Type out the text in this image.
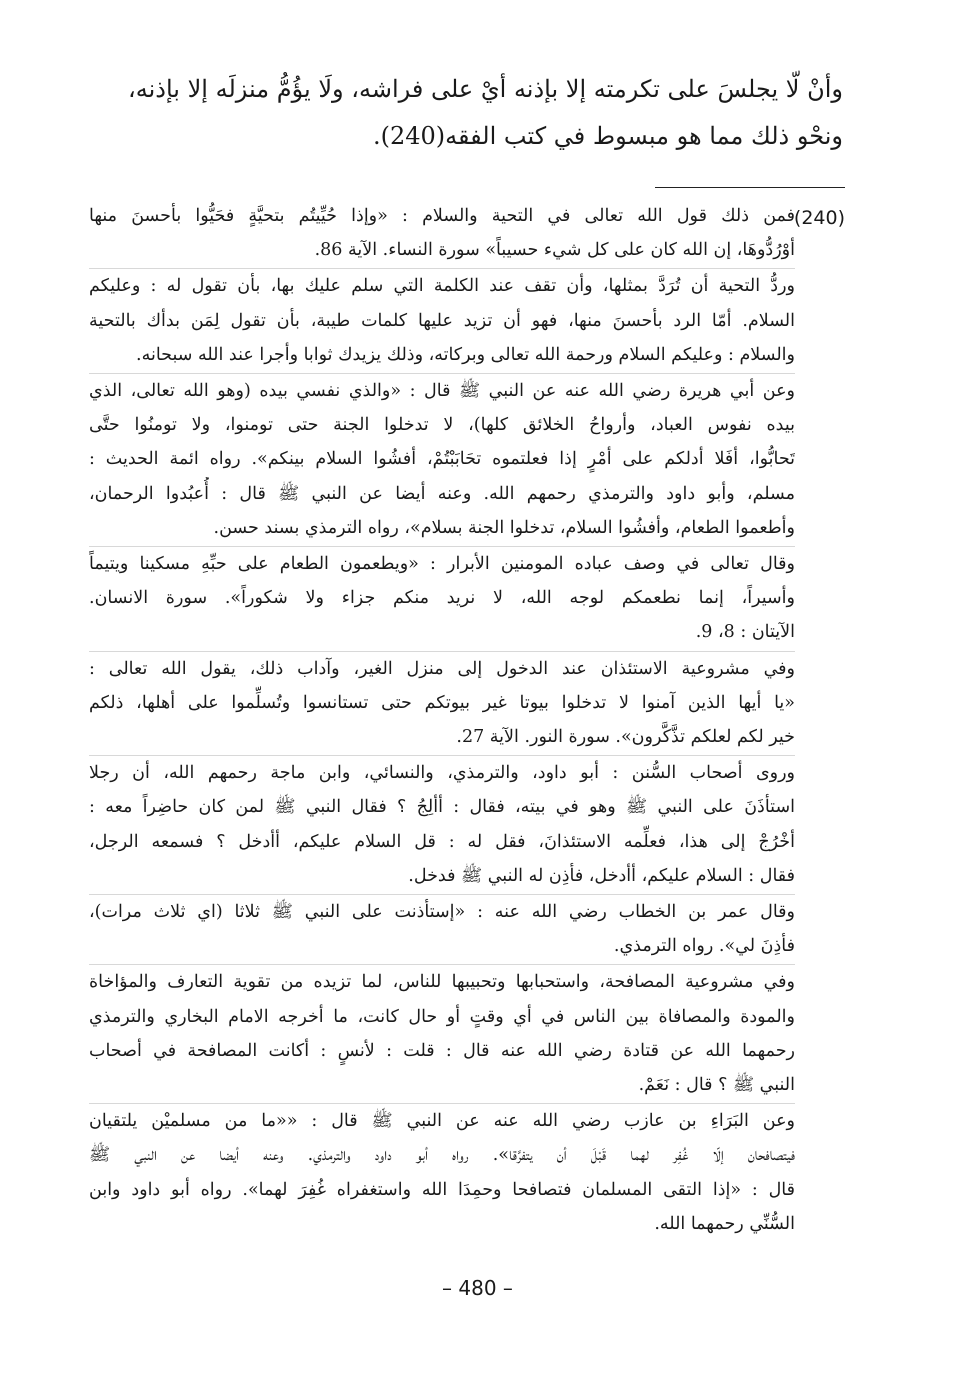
وأنْ لّا يجلسَ على تكرمته إلا بإذنه أيْ على فراشه، ولَا يؤُمُّ منزلَه إلا بإذنه،
ونحْو ذلك مما هو مبسوط في كتب الفقه(240).
(240)
فمن ذلك قول الله تعالى في التحية والسلام : «وإذا حُيِّيتُم بتحيَّةٍ فحَيُّوا بأحسنَ منها
أوْرُدُّوهَا، إن الله كان على كل شيء حسيباً» سورة النساء. الآية 86.
وردُّ التحية أن تُرَدَّ بمثلها، وأن تقف عند الكلمة التي سلم عليك بها، بأن تقول له : وعليكم
السلام. أمّا الرد بأحسنَ منها، فهو أن تزيد عليها كلمات طيبة، بأن تقول لِمَن بدأك بالتحية
والسلام : وعليكم السلام ورحمة الله تعالى وبركاته، وذلك يزيدك ثوابا وأجرا عند الله سبحانه.
وعن أبي هريرة رضي الله عنه عن النبي ﷺ قال : «والذي نفسي بيده (وهو الله تعالى، الذي
بيده نفوس العباد، وأرواحُ الخلائق كلها)، لا تدخلوا الجنة حتى تومنوا، ولا تومنُوا حتَّى
تَحابُّوا، أفَلا أدلكم على أمْرٍ إذا فعلتموه تحَابَبْتُمْ، أفشُوا السلام بينكم». رواه ائمة الحديث :
مسلم، وأبو داود والترمذي رحمهم الله. وعنه أيضا عن النبي ﷺ قال : أُعبُدوا الرحمان،
وأطعموا الطعام، وأفشُوا السلام، تدخلوا الجنة بسلام»، رواه الترمذي بسند حسن.
وقال تعالى في وصف عباده المومنين الأبرار : «ويطعمون الطعام على حبِّهِ مسكينا ويتيماً
وأسيراً، إنما نطعمكم لوجه الله، لا نريد منكم جزاء ولا شكوراً». سورة الانسان.
الآيتان : 8، 9.
وفي مشروعية الاستئذان عند الدخول إلى منزل الغير، وآداب ذلك، يقول الله تعالى :
«يا أيها الذين آمنوا لا تدخلوا بيوتا غير بيوتكم حتى تستانسوا وتُسلِّموا على أهلها، ذلكم
خير لكم لعلكم تذَّكَّرون». سورة النور. الآية 27.
وروى أصحاب السُّنن : أبو داود، والترمذي، والنسائي، وابن ماجة رحمهم الله، أن رجلا
استأذَنَ على النبي ﷺ وهو في بيته، فقال : أألِجُ ؟ فقال النبي ﷺ لمن كان حاضِراً معه :
أخْرُجْ إلى هذا، فعلِّمه الاستئذانَ، فقل له : قل السلام عليكم، أأدخل ؟ فسمعه الرجل،
فقال : السلام عليكم، أأدخل، فأذِن له النبي ﷺ فدخل.
وقال عمر بن الخطاب رضي الله عنه : «إستأذنت على النبي ﷺ ثلاثا (اي ثلاث مرات)،
فأذِنَ لي». رواه الترمذي.
وفي مشروعية المصافحة، واستحبابها وتحبيبها للناس، لما تزيده من تقوية التعارف والمؤاخاة
والمودة والمصافاة بين الناس في أي وقتٍ أو حال كانت، ما أخرجه الامام البخاري والترمذي
رحمهما الله عن قتادة رضي الله عنه قال : قلت : لأنسٍ : أكانت المصافحة في أصحاب
النبي ﷺ ؟ قال : نَعَمْ.
وعن البَرَاءِ بن عازب رضي الله عنه عن النبي ﷺ قال : ««ما من مسلميْن يلتقيان
فيتصافحان إلّا غُفِر لهما قَبْلَ أن يتفرَّقا». رواه أبو داود والترمذي. وعنه أيضا عن النبي ﷺ
قال : «إذا التقى المسلمان فتصافحا وحمِدَا الله واستغفراه غُفِرَ لهما». رواه أبو داود وابن
السُّنِّي رحمهما الله.
– 480 –
